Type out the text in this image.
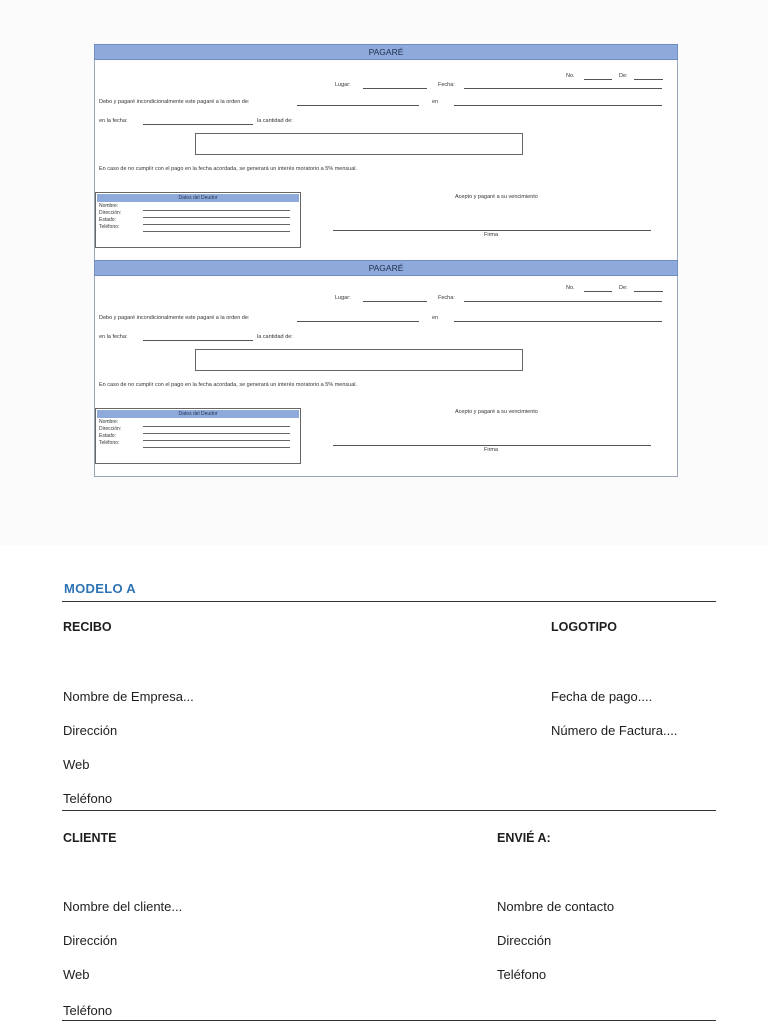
PAGARÉ
No.	De:
Lugar:	Fecha:
Debo y pagaré incondicionalmente este pagaré a la orden de:	en
en la fecha:	la cantidad de:
En caso de no cumplir con el pago en la fecha acordada, se generará un interés moratorio a 5% mensual.
Datos del Deudor
Nombre:
Dirección:
Estado:
Teléfono:
Acepto y pagaré a su vencimiento
Firma
PAGARÉ
No.	De:
Lugar:	Fecha:
Debo y pagaré incondicionalmente este pagaré a la orden de:	en
en la fecha:	la cantidad de:
En caso de no cumplir con el pago en la fecha acordada, se generará un interés moratorio a 5% mensual.
Datos del Deudor
Nombre:
Dirección:
Estado:
Teléfono:
Acepto y pagaré a su vencimiento
Firma
MODELO A
RECIBO	LOGOTIPO
Nombre de Empresa...	Fecha de pago....
Dirección	Número de Factura....
Web
Teléfono
CLIENTE	ENVIÉ A:
Nombre del cliente...	Nombre de contacto
Dirección	Dirección
Web	Teléfono
Teléfono
